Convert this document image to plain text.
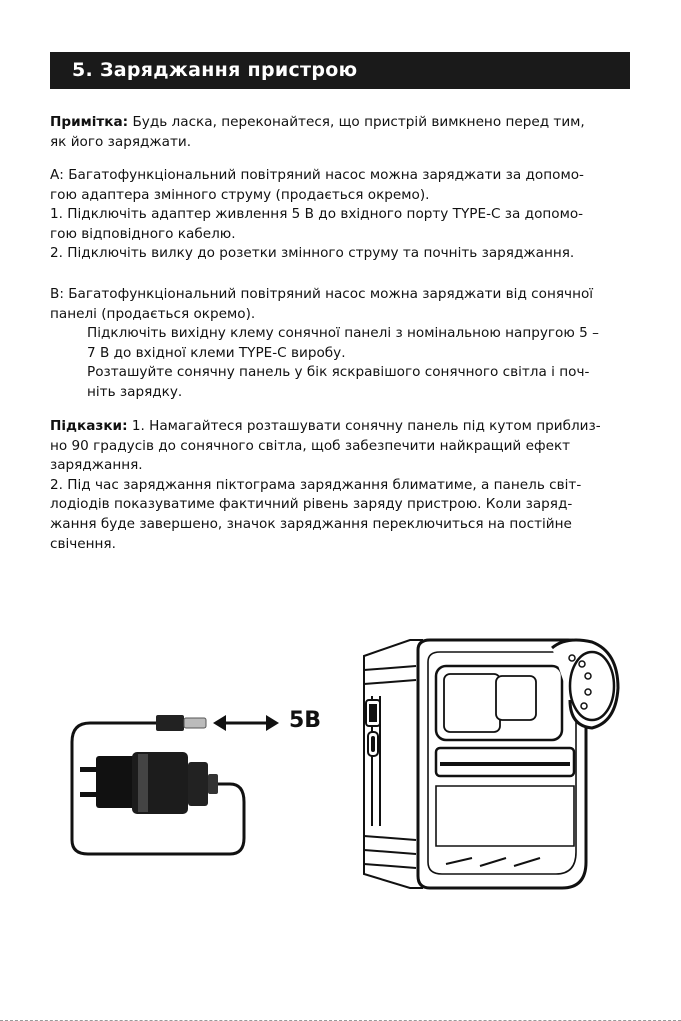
5. Заряджання пристрою
Примітка: Будь ласка, переконайтеся, що пристрій вимкнено перед тим,
як його заряджати.
А: Багатофункціональний повітряний насос можна заряджати за допомо-
гою адаптера змінного струму (продається окремо).
1. Підключіть адаптер живлення 5 В до вхідного порту TYPE-C за допомо-
гою відповідного кабелю.
2. Підключіть вилку до розетки змінного струму та почніть заряджання.
B: Багатофункціональний повітряний насос можна заряджати від сонячної
панелі (продається окремо).
Підключіть вихідну клему сонячної панелі з номінальною напругою 5 –
7 В до вхідної клеми TYPE-C виробу.
Розташуйте сонячну панель у бік яскравішого сонячного світла і поч-
ніть зарядку.
Підказки: 1. Намагайтеся розташувати сонячну панель під кутом приблиз-
но 90 градусів до сонячного світла, щоб забезпечити найкращий ефект
заряджання.
2. Під час заряджання піктограма заряджання блиматиме, а панель світ-
лодіодів показуватиме фактичний рівень заряду пристрою. Коли заряд-
жання буде завершено, значок заряджання переключиться на постійне
свічення.
5В
